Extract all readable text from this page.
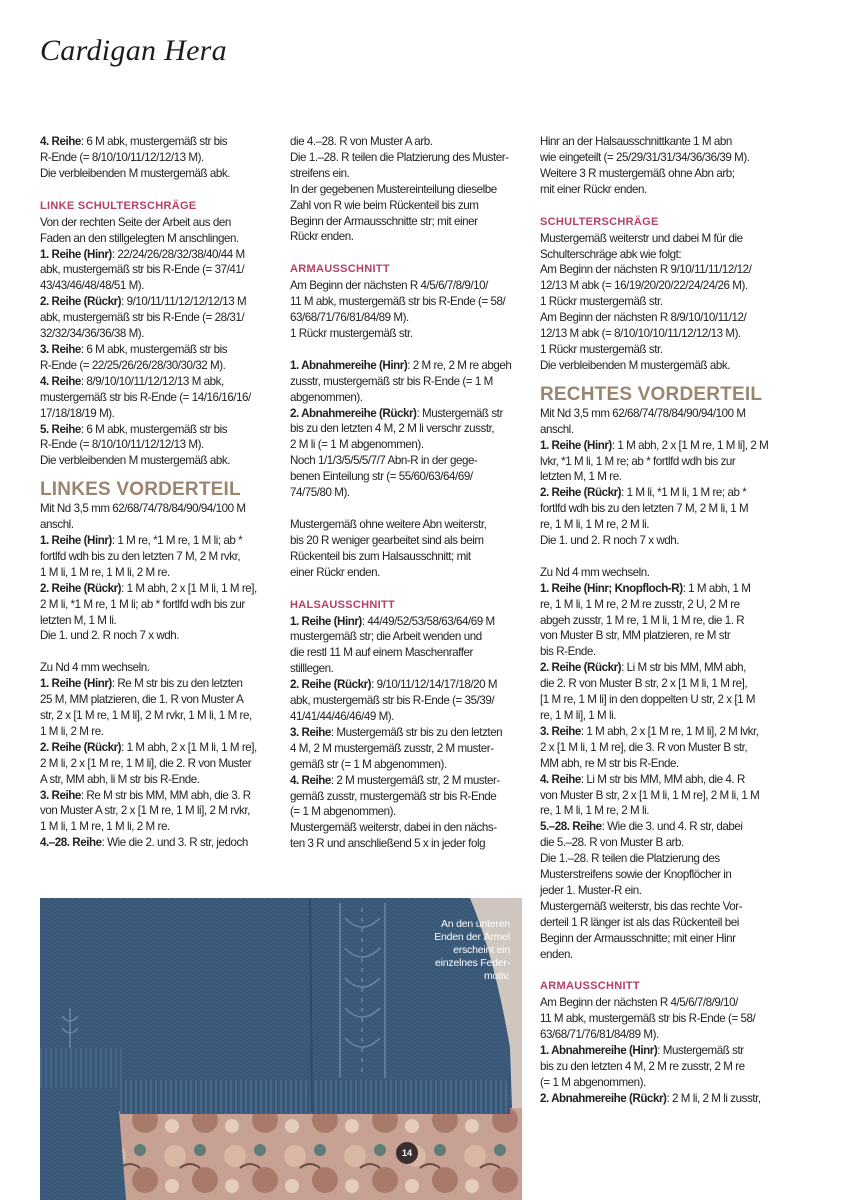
Cardigan Hera

4. Reihe: 6 M abk, mustergemäß str bis

R-Ende (= 8/10/10/11/12/12/13 M).

Die verbleibenden M mustergemäß abk.

LINKE SCHULTERSCHRÄGE

Von der rechten Seite der Arbeit aus den

Faden an den stillgelegten M anschlingen.

1. Reihe (Hinr): 22/24/26/28/32/38/40/44 M

abk, mustergemäß str bis R-Ende (= 37/41/

43/43/46/48/48/51 M).

2. Reihe (Rückr): 9/10/11/11/12/12/12/13 M

abk, mustergemäß str bis R-Ende (= 28/31/

32/32/34/36/36/38 M).

3. Reihe: 6 M abk, mustergemäß str bis

R-Ende (= 22/25/26/26/28/30/30/32 M).

4. Reihe: 8/9/10/10/11/12/12/13 M abk,

mustergemäß str bis R-Ende (= 14/16/16/16/

17/18/18/19 M).

5. Reihe: 6 M abk, mustergemäß str bis

R-Ende (= 8/10/10/11/12/12/13 M).

Die verbleibenden M mustergemäß abk.

LINKES VORDERTEIL

Mit Nd 3,5 mm 62/68/74/78/84/90/94/100 M

anschl.

1. Reihe (Hinr): 1 M re, *1 M re, 1 M li; ab *

fortlfd wdh bis zu den letzten 7 M, 2 M rvkr,

1 M li, 1 M re, 1 M li, 2 M re.

2. Reihe (Rückr): 1 M abh, 2 x [1 M li, 1 M re],

2 M li, *1 M re, 1 M li; ab * fortlfd wdh bis zur

letzten M, 1 M li.

Die 1. und 2. R noch 7 x wdh.

Zu Nd 4 mm wechseln.

1. Reihe (Hinr): Re M str bis zu den letzten

25 M, MM platzieren, die 1. R von Muster A

str, 2 x [1 M re, 1 M li], 2 M rvkr, 1 M li, 1 M re,

1 M li, 2 M re.

2. Reihe (Rückr): 1 M abh, 2 x [1 M li, 1 M re],

2 M li, 2 x [1 M re, 1 M li], die 2. R von Muster

A str, MM abh, li M str bis R-Ende.

3. Reihe: Re M str bis MM, MM abh, die 3. R

von Muster A str, 2 x [1 M re, 1 M li], 2 M rvkr,

1 M li, 1 M re, 1 M li, 2 M re.

4.–28. Reihe: Wie die 2. und 3. R str, jedoch

die 4.–28. R von Muster A arb.

Die 1.–28. R teilen die Platzierung des Muster-

streifens ein.

In der gegebenen Mustereinteilung dieselbe

Zahl von R wie beim Rückenteil bis zum

Beginn der Armausschnitte str; mit einer

Rückr enden.

ARMAUSSCHNITT

Am Beginn der nächsten R 4/5/6/7/8/9/10/

11 M abk, mustergemäß str bis R-Ende (= 58/

63/68/71/76/81/84/89 M).

1 Rückr mustergemäß str.

1. Abnahmereihe (Hinr): 2 M re, 2 M re abgeh

zusstr, mustergemäß str bis R-Ende (= 1 M

abgenommen).

2. Abnahmereihe (Rückr): Mustergemäß str

bis zu den letzten 4 M, 2 M li verschr zusstr,

2 M li (= 1 M abgenommen).

Noch 1/1/3/5/5/5/7/7 Abn-R in der gege-

benen Einteilung str (= 55/60/63/64/69/

74/75/80 M).

Mustergemäß ohne weitere Abn weiterstr,

bis 20 R weniger gearbeitet sind als beim

Rückenteil bis zum Halsausschnitt; mit

einer Rückr enden.

HALSAUSSCHNITT

1. Reihe (Hinr): 44/49/52/53/58/63/64/69 M

mustergemäß str; die Arbeit wenden und

die restl 11 M auf einem Maschenraffer

stilllegen.

2. Reihe (Rückr): 9/10/11/12/14/17/18/20 M

abk, mustergemäß str bis R-Ende (= 35/39/

41/41/44/46/46/49 M).

3. Reihe: Mustergemäß str bis zu den letzten

4 M, 2 M mustergemäß zusstr, 2 M muster-

gemäß str (= 1 M abgenommen).

4. Reihe: 2 M mustergemäß str, 2 M muster-

gemäß zusstr, mustergemäß str bis R-Ende

(= 1 M abgenommen).

Mustergemäß weiterstr, dabei in den nächs-

ten 3 R und anschließend 5 x in jeder folg

Hinr an der Halsausschnittkante 1 M abn

wie eingeteilt (= 25/29/31/31/34/36/36/39 M).

Weitere 3 R mustergemäß ohne Abn arb;

mit einer Rückr enden.

SCHULTERSCHRÄGE

Mustergemäß weiterstr und dabei M für die

Schulterschräge abk wie folgt:

Am Beginn der nächsten R 9/10/11/11/12/12/

12/13 M abk (= 16/19/20/20/22/24/24/26 M).

1 Rückr mustergemäß str.

Am Beginn der nächsten R 8/9/10/10/11/12/

12/13 M abk (= 8/10/10/10/11/12/12/13 M).

1 Rückr mustergemäß str.

Die verbleibenden M mustergemäß abk.

RECHTES VORDERTEIL

Mit Nd 3,5 mm 62/68/74/78/84/90/94/100 M

anschl.

1. Reihe (Hinr): 1 M abh, 2 x [1 M re, 1 M li], 2 M

lvkr, *1 M li, 1 M re; ab * fortlfd wdh bis zur

letzten M, 1 M re.

2. Reihe (Rückr): 1 M li, *1 M li, 1 M re; ab *

fortlfd wdh bis zu den letzten 7 M, 2 M li, 1 M

re, 1 M li, 1 M re, 2 M li.

Die 1. und 2. R noch 7 x wdh.

Zu Nd 4 mm wechseln.

1. Reihe (Hinr; Knopfloch-R): 1 M abh, 1 M

re, 1 M li, 1 M re, 2 M re zusstr, 2 U, 2 M re

abgeh zusstr, 1 M re, 1 M li, 1 M re, die 1. R

von Muster B str, MM platzieren, re M str

bis R-Ende.

2. Reihe (Rückr): Li M str bis MM, MM abh,

die 2. R von Muster B str, 2 x [1 M li, 1 M re],

[1 M re, 1 M li] in den doppelten U str, 2 x [1 M

re, 1 M li], 1 M li.

3. Reihe: 1 M abh, 2 x [1 M re, 1 M li], 2 M lvkr,

2 x [1 M li, 1 M re], die 3. R von Muster B str,

MM abh, re M str bis R-Ende.

4. Reihe: Li M str bis MM, MM abh, die 4. R

von Muster B str, 2 x [1 M li, 1 M re], 2 M li, 1 M

re, 1 M li, 1 M re, 2 M li.

5.–28. Reihe: Wie die 3. und 4. R str, dabei

die 5.–28. R von Muster B arb.

Die 1.–28. R teilen die Platzierung des

Musterstreifens sowie der Knopflöcher in

jeder 1. Muster-R ein.

Mustergemäß weiterstr, bis das rechte Vor-

derteil 1 R länger ist als das Rückenteil bei

Beginn der Armausschnitte; mit einer Hinr

enden.

ARMAUSSCHNITT

Am Beginn der nächsten R 4/5/6/7/8/9/10/

11 M abk, mustergemäß str bis R-Ende (= 58/

63/68/71/76/81/84/89 M).

1. Abnahmereihe (Hinr): Mustergemäß str

bis zu den letzten 4 M, 2 M re zusstr, 2 M re

(= 1 M abgenommen).

2. Abnahmereihe (Rückr): 2 M li, 2 M li zusstr,

An den unteren
Enden der Ärmel
erscheint ein
einzelnes Feder-
motiv.
14
